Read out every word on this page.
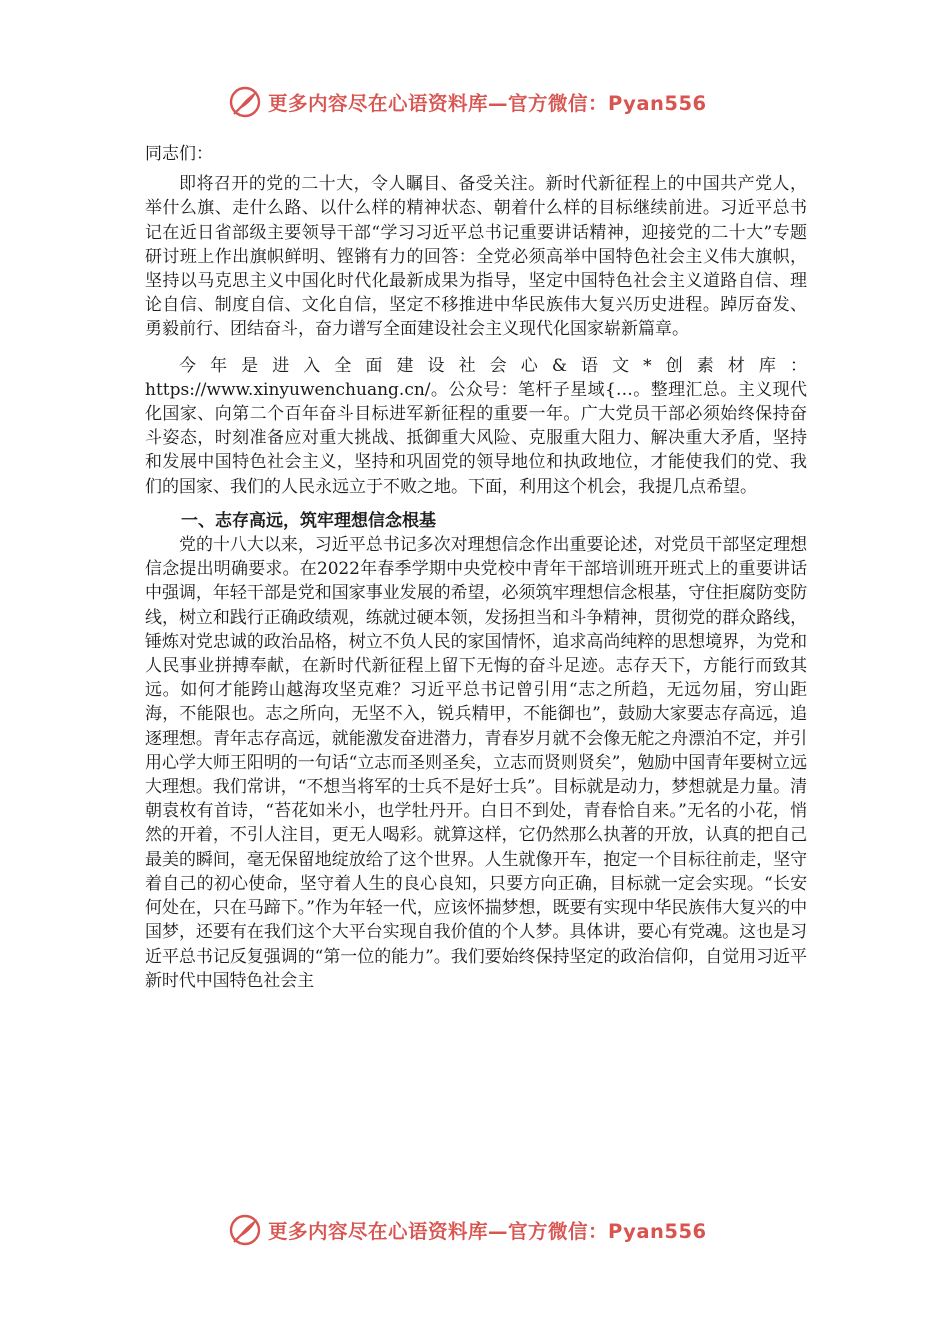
更多内容尽在心语资料库—官方微信：Pyan556

同志们：

即将召开的党的二十大，令人瞩目、备受关注。新时代新征程上的中国共产党人，举什么旗、走什么路、以什么样的精神状态、朝着什么样的目标继续前进。习近平总书记在近日省部级主要领导干部“学习习近平总书记重要讲话精神，迎接党的二十大”专题研讨班上作出旗帜鲜明、铿锵有力的回答：全党必须高举中国特色社会主义伟大旗帜，坚持以马克思主义中国化时代化最新成果为指导，坚定中国特色社会主义道路自信、理论自信、制度自信、文化自信，坚定不移推进中华民族伟大复兴历史进程。踔厉奋发、勇毅前行、团结奋斗，奋力谱写全面建设社会主义现代化国家崭新篇章。

今年是进入全面建设社会心&语文*创素材库：https://www.xinyuwenchuang.cn/。公众号：笔杆子星域{…。整理汇总。主义现代化国家、向第二个百年奋斗目标进军新征程的重要一年。广大党员干部必须始终保持奋斗姿态，时刻准备应对重大挑战、抵御重大风险、克服重大阻力、解决重大矛盾，坚持和发展中国特色社会主义，坚持和巩固党的领导地位和执政地位，才能使我们的党、我们的国家、我们的人民永远立于不败之地。下面，利用这个机会，我提几点希望。

一、志存高远，筑牢理想信念根基

党的十八大以来，习近平总书记多次对理想信念作出重要论述，对党员干部坚定理想信念提出明确要求。在2022年春季学期中央党校中青年干部培训班开班式上的重要讲话中强调，年轻干部是党和国家事业发展的希望，必须筑牢理想信念根基，守住拒腐防变防线，树立和践行正确政绩观，练就过硬本领，发扬担当和斗争精神，贯彻党的群众路线，锤炼对党忠诚的政治品格，树立不负人民的家国情怀，追求高尚纯粹的思想境界，为党和人民事业拼搏奉献，在新时代新征程上留下无悔的奋斗足迹。志存天下，方能行而致其远。如何才能跨山越海攻坚克难？习近平总书记曾引用“志之所趋，无远勿届，穷山距海，不能限也。志之所向，无坚不入，锐兵精甲，不能御也”，鼓励大家要志存高远，追逐理想。青年志存高远，就能激发奋进潜力，青春岁月就不会像无舵之舟漂泊不定，并引用心学大师王阳明的一句话“立志而圣则圣矣，立志而贤则贤矣”，勉励中国青年要树立远大理想。我们常讲，“不想当将军的士兵不是好士兵”。目标就是动力，梦想就是力量。清朝袁枚有首诗，“苔花如米小，也学牡丹开。白日不到处，青春恰自来。”无名的小花，悄然的开着，不引人注目，更无人喝彩。就算这样，它仍然那么执著的开放，认真的把自己最美的瞬间，毫无保留地绽放给了这个世界。人生就像开车，抱定一个目标往前走，坚守着自己的初心使命，坚守着人生的良心良知，只要方向正确，目标就一定会实现。“长安何处在，只在马蹄下。”作为年轻一代，应该怀揣梦想，既要有实现中华民族伟大复兴的中国梦，还要有在我们这个大平台实现自我价值的个人梦。具体讲，要心有党魂。这也是习近平总书记反复强调的“第一位的能力”。我们要始终保持坚定的政治信仰，自觉用习近平新时代中国特色社会主

更多内容尽在心语资料库—官方微信：Pyan556
